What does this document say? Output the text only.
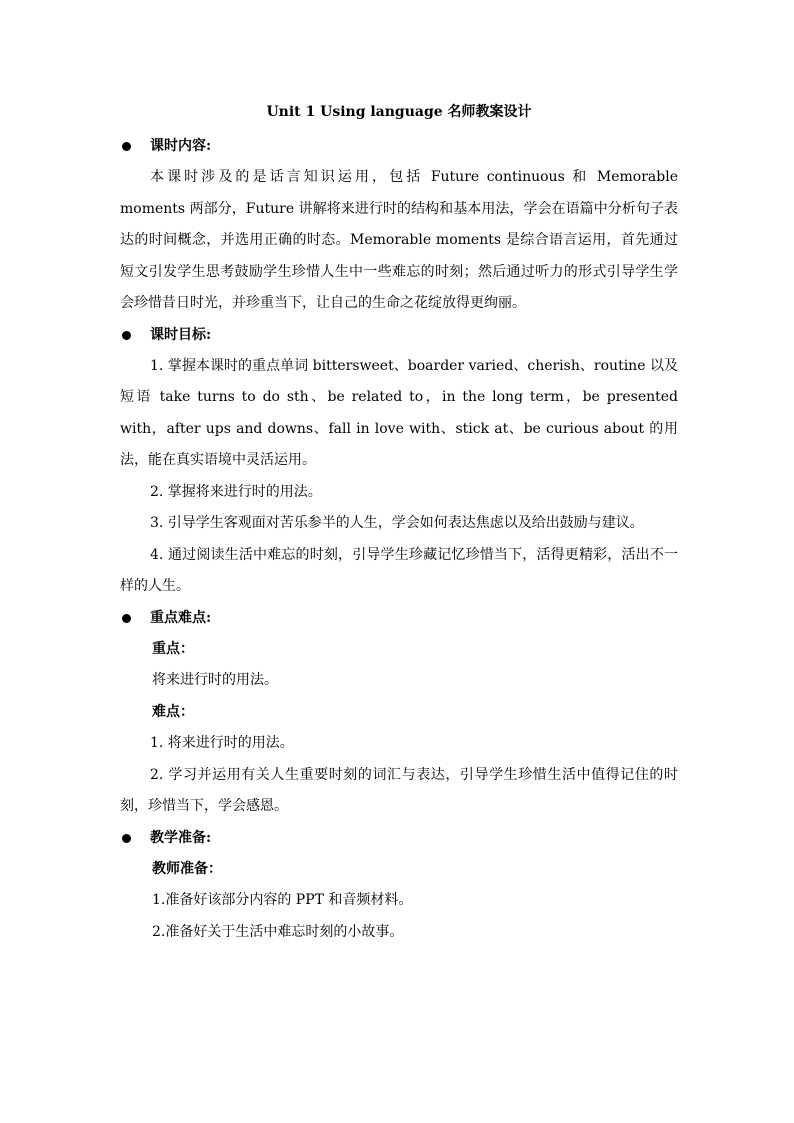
Unit 1 Using language 名师教案设计
课时内容:
本课时涉及的是话言知识运用，包括 Future continuous 和 Memorable moments 两部分，Future 讲解将来进行时的结构和基本用法，学会在语篇中分析句子表达的时间概念，并选用正确的时态。Memorable moments 是综合语言运用，首先通过短文引发学生思考鼓励学生珍惜人生中一些难忘的时刻；然后通过听力的形式引导学生学会珍惜昔日时光，并珍重当下，让自己的生命之花绽放得更绚丽。
课时目标:
1. 掌握本课时的重点单词 bittersweet、boarder varied、cherish、routine 以及短语 take turns to do sth、be related to，in the long term，be presented with，after ups and downs、fall in love with、stick at、be curious about 的用法，能在真实语境中灵活运用。
2. 掌握将来进行时的用法。
3. 引导学生客观面对苦乐参半的人生，学会如何表达焦虑以及给出鼓励与建议。
4. 通过阅读生活中难忘的时刻，引导学生珍藏记忆珍惜当下，活得更精彩，活出不一样的人生。
重点难点:
重点：
将来进行时的用法。
难点：
1. 将来进行时的用法。
2. 学习并运用有关人生重要时刻的词汇与表达，引导学生珍惜生活中值得记住的时刻，珍惜当下，学会感恩。
教学准备:
教师准备：
1.准备好该部分内容的 PPT 和音频材料。
2.准备好关于生活中难忘时刻的小故事。
